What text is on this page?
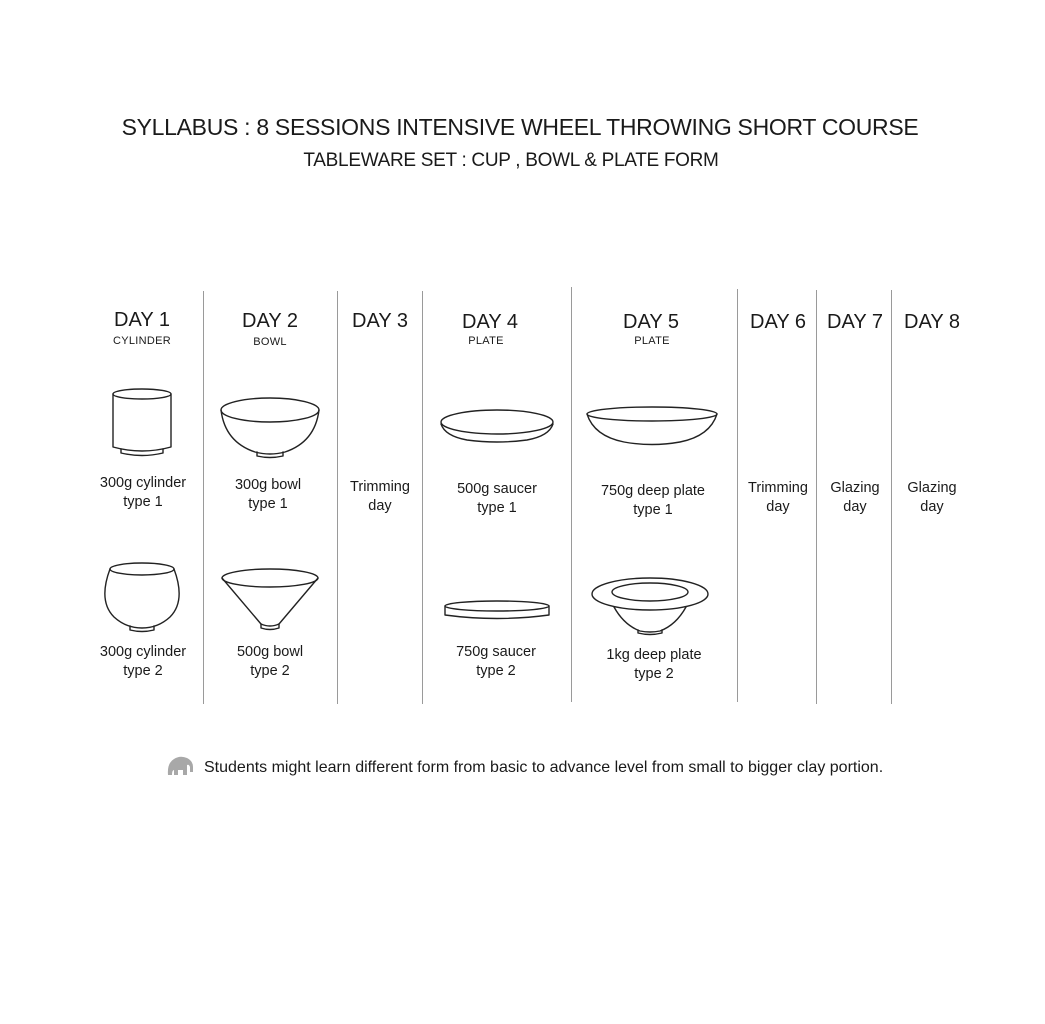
SYLLABUS : 8 SESSIONS INTENSIVE WHEEL THROWING SHORT COURSE
TABLEWARE SET : CUP , BOWL & PLATE FORM
DAY 1
CYLINDER
300g cylinder
type 1
300g cylinder
type 2
DAY 2
BOWL
300g bowl
type 1
500g bowl
type 2
DAY 3
Trimming
day
DAY 4
PLATE
500g saucer
type 1
750g saucer
type 2
DAY 5
PLATE
750g deep plate
type 1
1kg deep plate
type 2
DAY 6
Trimming
day
DAY 7
Glazing
day
DAY 8
Glazing
day
Students might learn different form from basic to advance level from small to bigger clay portion.
